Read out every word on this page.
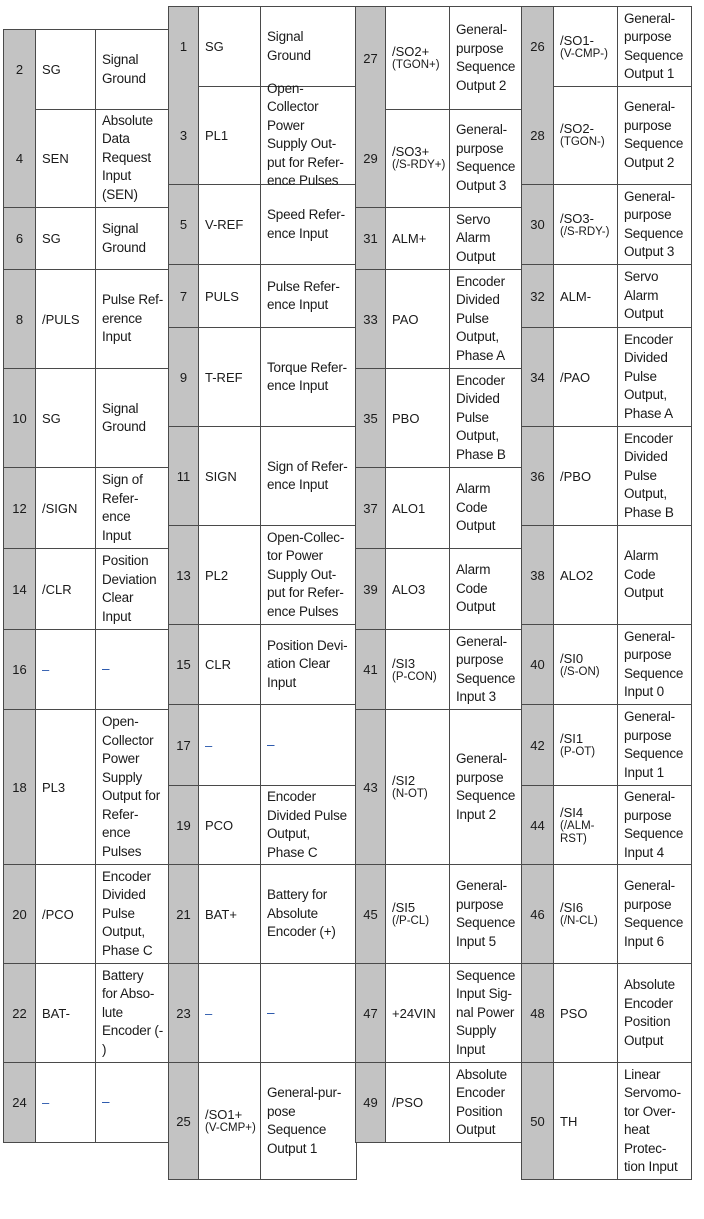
2	SG
Signal
Ground
4	SEN
Absolute
Data
Request
Input
(SEN)
6	SG
Signal
Ground
8	/PULS
Pulse Ref-
erence
Input
10	SG
Signal
Ground
12	/SIGN
Sign of
Refer-
ence
Input
14	/CLR
Position
Deviation
Clear
Input
16	–	–
18	PL3
Open-
Collector
Power
Supply
Output for
Refer-
ence
Pulses
20	/PCO
Encoder
Divided
Pulse
Output,
Phase C
22	BAT-
Battery
for Abso-
lute
Encoder (-
)
24	–	–
1	SG
Signal
Ground
3	PL1
Open-Collector
Power
Supply Out-
put for Refer-
ence Pulses
5	V-REF
Speed Refer-
ence Input
7	PULS
Pulse Refer-
ence Input
9	T-REF
Torque Refer-
ence Input
11	SIGN
Sign of Refer-
ence Input
13	PL2
Open-Collec-
tor Power
Supply Out-
put for Refer-
ence Pulses
15	CLR
Position Devi-
ation Clear
Input
17	–	–
19	PCO
Encoder
Divided Pulse
Output,
Phase C
21	BAT+
Battery for
Absolute
Encoder (+)
23	–	–
25	/SO1+
(V-CMP+)
General-pur-
pose
Sequence
Output 1
27	/SO2+
(TGON+)
General-
purpose
Sequence
Output 2
29	/SO3+
(/S-RDY+)
General-
purpose
Sequence
Output 3
31	ALM+
Servo
Alarm
Output
33	PAO
Encoder
Divided
Pulse
Output,
Phase A
35	PBO
Encoder
Divided
Pulse
Output,
Phase B
37	ALO1
Alarm
Code
Output
39	ALO3
Alarm
Code
Output
41	/SI3
(P-CON)
General-
purpose
Sequence
Input 3
43	/SI2
(N-OT)
General-
purpose
Sequence
Input 2
45	/SI5
(/P-CL)
General-
purpose
Sequence
Input 5
47	+24VIN
Sequence
Input Sig-
nal Power
Supply
Input
49	/PSO
Absolute
Encoder
Position
Output
26	/SO1-
(V-CMP-)
General-
purpose
Sequence
Output 1
28	/SO2-
(TGON-)
General-
purpose
Sequence
Output 2
30	/SO3-
(/S-RDY-)
General-
purpose
Sequence
Output 3
32	ALM-
Servo
Alarm
Output
34	/PAO
Encoder
Divided
Pulse
Output,
Phase A
36	/PBO
Encoder
Divided
Pulse
Output,
Phase B
38	ALO2
Alarm
Code
Output
40	/SI0
(/S-ON)
General-
purpose
Sequence
Input 0
42	/SI1
(P-OT)
General-
purpose
Sequence
Input 1
44
/SI4
(/ALM-
RST)
General-
purpose
Sequence
Input 4
46	/SI6
(/N-CL)
General-
purpose
Sequence
Input 6
48	PSO
Absolute
Encoder
Position
Output
50	TH
Linear
Servomo-
tor Over-
heat
Protec-
tion Input
